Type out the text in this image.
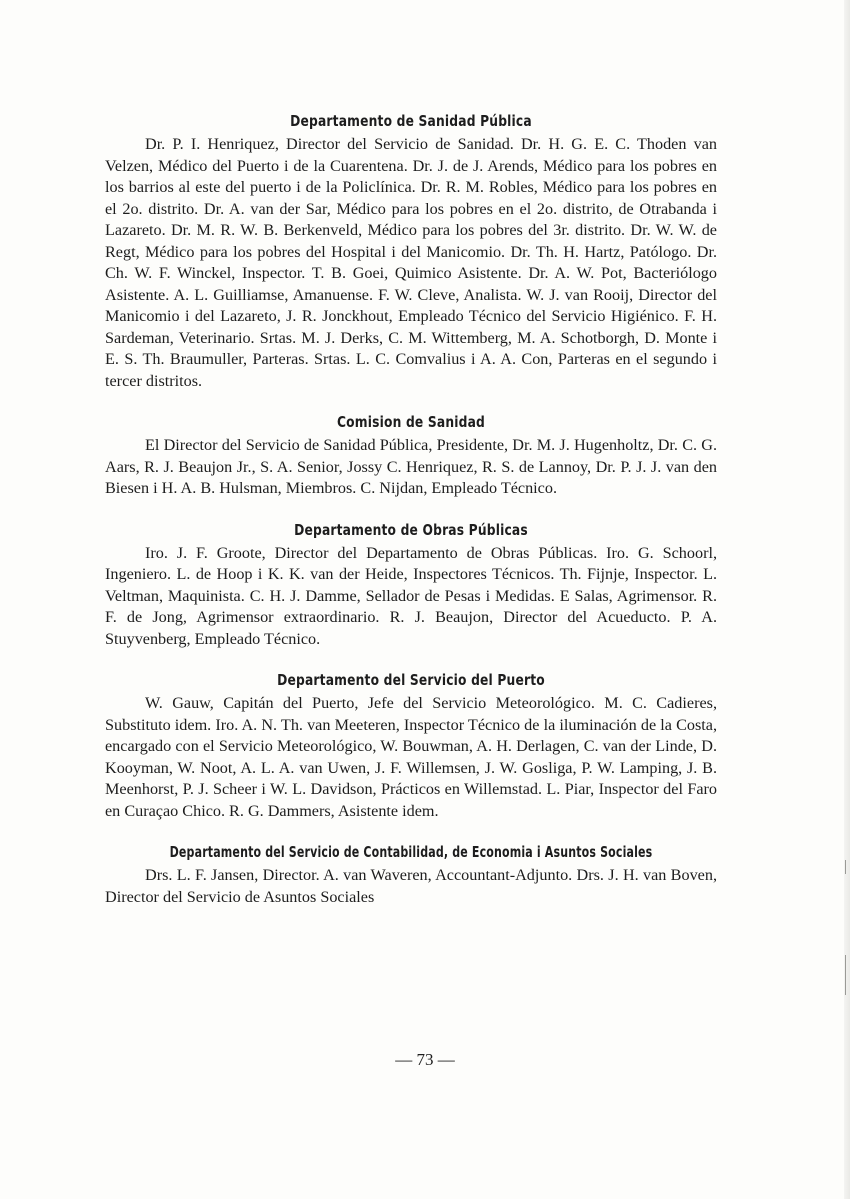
Departamento de Sanidad Pública

Dr. P. I. Henriquez, Director del Servicio de Sanidad. Dr. H. G. E. C. Thoden van Velzen, Médico del Puerto i de la Cuarentena. Dr. J. de J. Arends, Médico para los pobres en los barrios al este del puerto i de la Policlínica. Dr. R. M. Robles, Médico para los pobres en el 2o. distrito. Dr. A. van der Sar, Médico para los pobres en el 2o. distrito, de Otrabanda i Lazareto. Dr. M. R. W. B. Berkenveld, Médico para los pobres del 3r. distrito. Dr. W. W. de Regt, Médico para los pobres del Hospital i del Manicomio. Dr. Th. H. Hartz, Patólogo. Dr. Ch. W. F. Winckel, Inspector. T. B. Goei, Quimico Asistente. Dr. A. W. Pot, Bacteriólogo Asistente. A. L. Guilliamse, Amanuense. F. W. Cleve, Analista. W. J. van Rooij, Director del Manicomio i del Lazareto, J. R. Jonckhout, Empleado Técnico del Servicio Higiénico. F. H. Sardeman, Veterinario. Srtas. M. J. Derks, C. M. Wittemberg, M. A. Schotborgh, D. Monte i E. S. Th. Braumuller, Parteras. Srtas. L. C. Comvalius i A. A. Con, Parteras en el segundo i tercer distritos.

Comision de Sanidad

El Director del Servicio de Sanidad Pública, Presidente, Dr. M. J. Hugenholtz, Dr. C. G. Aars, R. J. Beaujon Jr., S. A. Senior, Jossy C. Henriquez, R. S. de Lannoy, Dr. P. J. J. van den Biesen i H. A. B. Hulsman, Miembros. C. Nijdan, Empleado Técnico.

Departamento de Obras Públicas

Iro. J. F. Groote, Director del Departamento de Obras Públicas. Iro. G. Schoorl, Ingeniero. L. de Hoop i K. K. van der Heide, Inspectores Técnicos. Th. Fijnje, Inspector. L. Veltman, Maquinista. C. H. J. Damme, Sellador de Pesas i Medidas. E Salas, Agrimensor. R. F. de Jong, Agrimensor extraordinario. R. J. Beaujon, Director del Acueducto. P. A. Stuyvenberg, Empleado Técnico.

Departamento del Servicio del Puerto

W. Gauw, Capitán del Puerto, Jefe del Servicio Meteorológico. M. C. Cadieres, Substituto idem. Iro. A. N. Th. van Meeteren, Inspector Técnico de la iluminación de la Costa, encargado con el Servicio Meteorológico, W. Bouwman, A. H. Derlagen, C. van der Linde, D. Kooyman, W. Noot, A. L. A. van Uwen, J. F. Willemsen, J. W. Gosliga, P. W. Lamping, J. B. Meenhorst, P. J. Scheer i W. L. Davidson, Prácticos en Willemstad. L. Piar, Inspector del Faro en Curaçao Chico. R. G. Dammers, Asistente idem.

Departamento del Servicio de Contabilidad, de Economia i Asuntos Sociales

Drs. L. F. Jansen, Director. A. van Waveren, Accountant-Adjunto. Drs. J. H. van Boven, Director del Servicio de Asuntos Sociales

— 73 —
